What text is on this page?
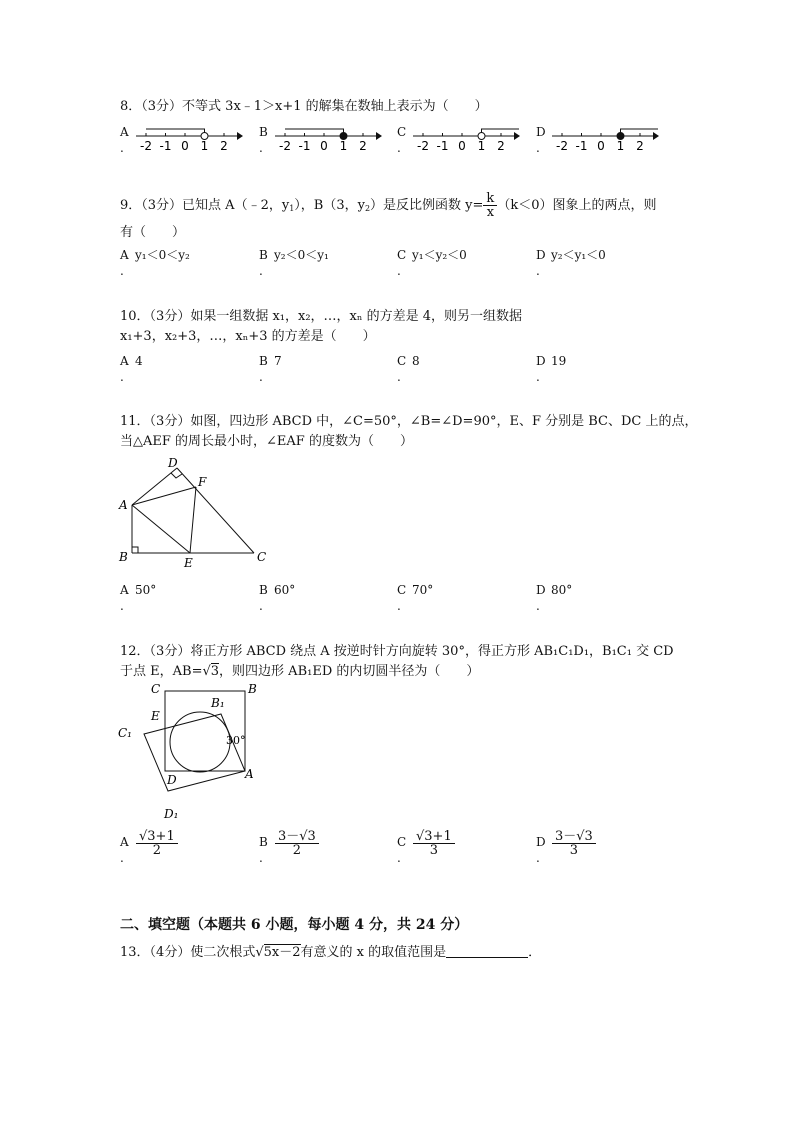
8．（3分）不等式 3x﹣1＞x+1 的解集在数轴上表示为（　　）
A
. -2 -1 0 1 2
B
. -2 -1 0 1 2
C
. -2 -1 0 1 2
D
. -2 -1 0 1 2
9．（3分）已知点 A（﹣2，$y_1$），B（3，$y_2$）是反比例函数 $y= \frac{k}{x} (k<0)$图象上的两点，则
有（　　）
A
.
y₁＜0＜y₂	B
.
y₂＜0＜y₁	C
.
y₁＜y₂＜0	D
.
y₂＜y₁＜0
10．（3分）如果一组数据 x₁，x₂，…，xₙ 的方差是 4，则另一组数据
x₁+3，x₂+3，…，xₙ+3 的方差是（　　）
A
.
4	B
.
7	C
.
8	D
.
19
11．（3分）如图，四边形 ABCD 中，∠C=50°，∠B=∠D=90°，E、F 分别是 BC、DC 上的点，
当△AEF 的周长最小时，∠EAF 的度数为（　　）
A
B	C
D
E
F
A
.
50°	B
.
60°	C
.
70°	D
.
80°
12．（3分）将正方形 ABCD 绕点 A 按逆时针方向旋转 30°，得正方形 AB₁C₁D₁，B₁C₁ 交 CD
于点 E，AB=√3，则四边形 AB₁ED 的内切圆半径为（　　）
C	B
B₁
E
C₁
D	A
D₁
30°
A
.
$\frac{√3+1}{2}$	B
.
$\frac{3-√3}{2}$	C
.
$\frac{√3+1}{3}$	D
.
$\frac{3-√3}{3}$
二、填空题（本题共 6 小题，每小题 4 分，共 24 分）
13．（4分）使二次根式√5x－2有意义的 x 的取值范围是	．
